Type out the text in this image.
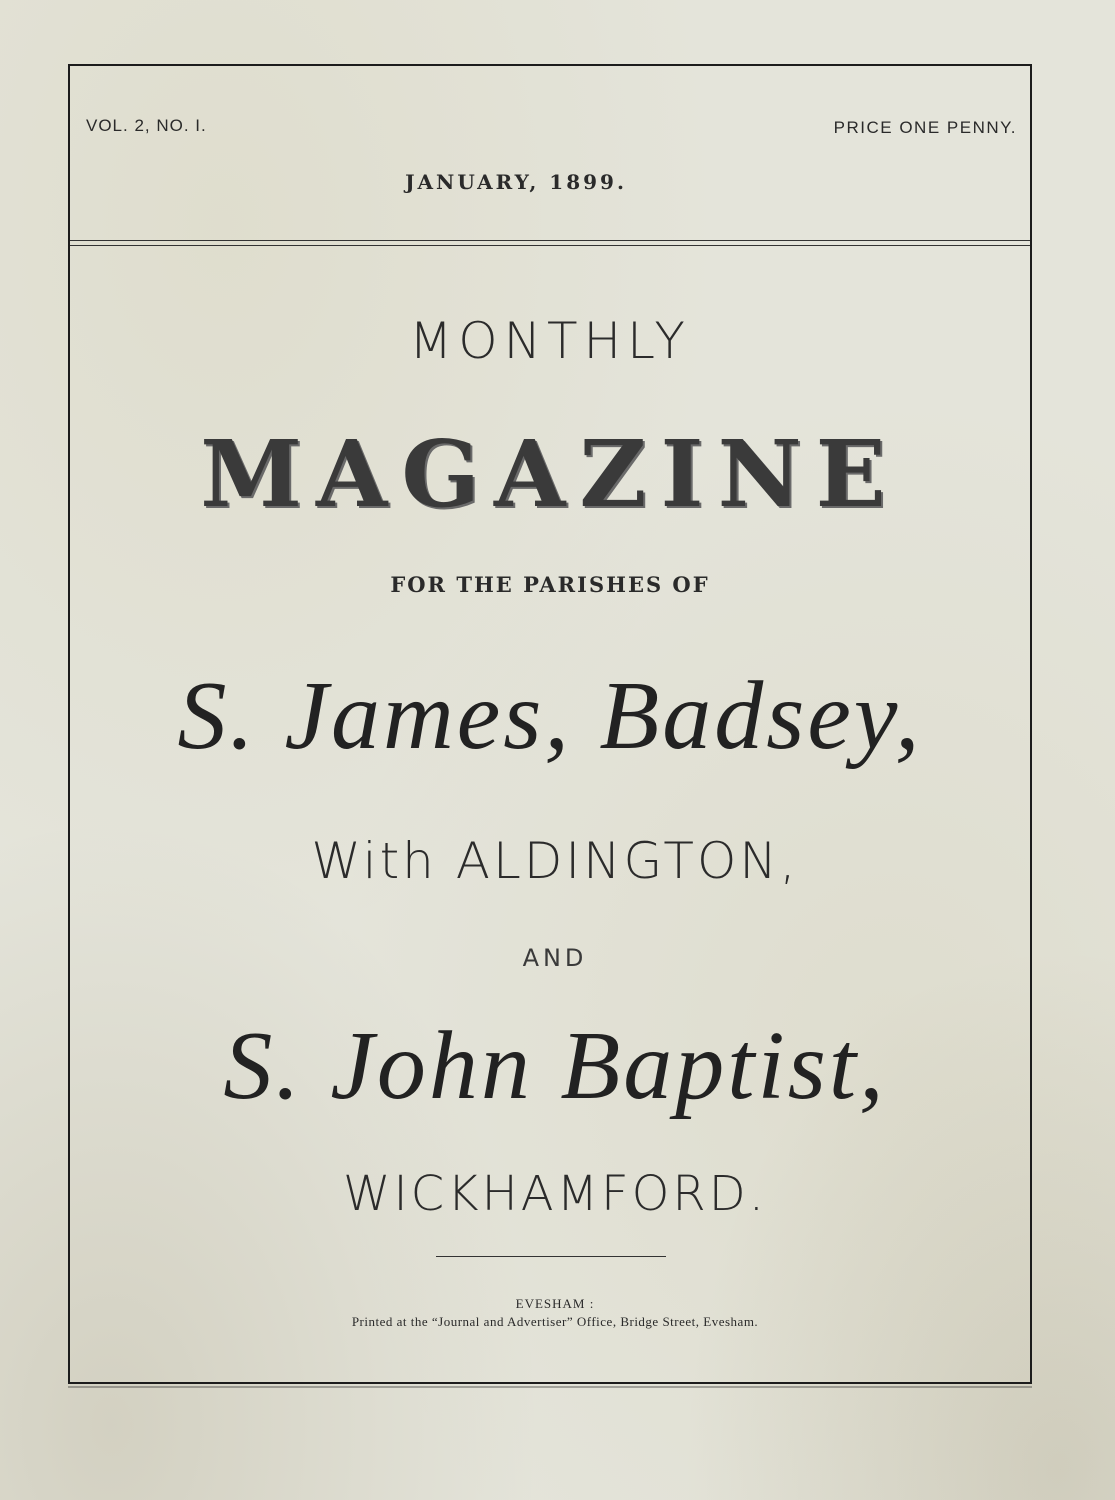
VOL. 2, NO. I.	PRICE ONE PENNY.
JANUARY, 1899.
MONTHLY
MAGAZINE
FOR THE PARISHES OF
S. James, Badsey,
With ALDINGTON,
AND
S. John Baptist,
WICKHAMFORD.
EVESHAM :
Printed at the “Journal and Advertiser” Office, Bridge Street, Evesham.
